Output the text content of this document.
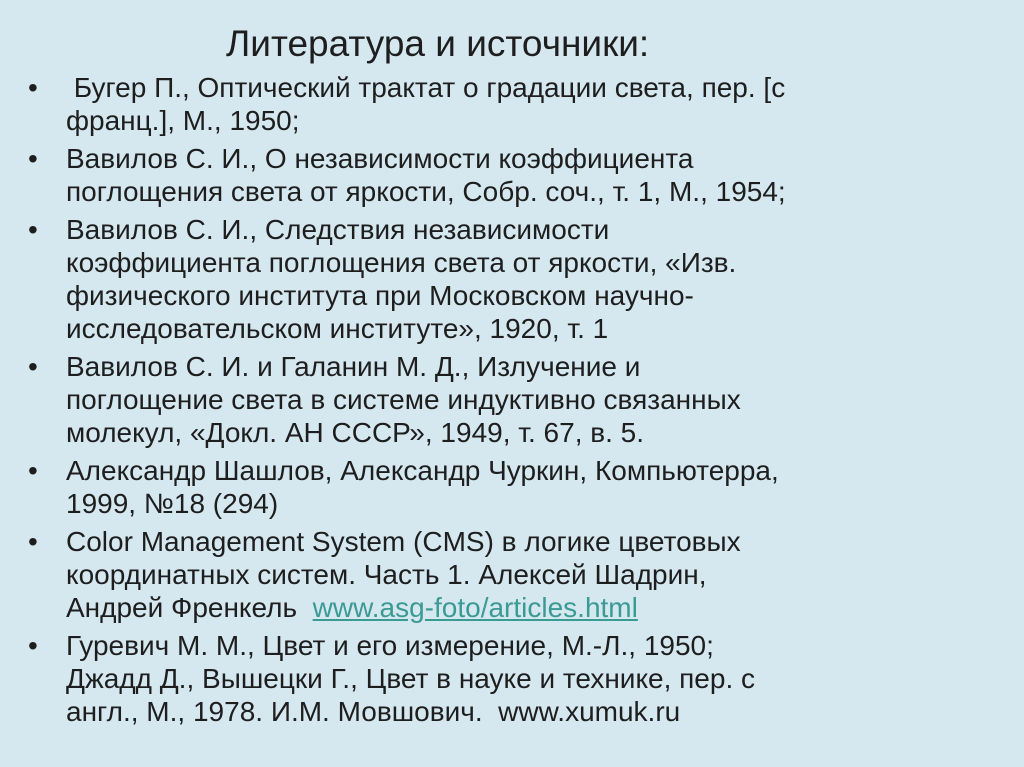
Литература и источники:
•	Бугер П., Оптический трактат о градации света, пер. [с
франц.], М., 1950;
•	Вавилов С. И., О независимости коэффициента
поглощения света от яркости, Собр. соч., т. 1, М., 1954;
•	Вавилов С. И., Следствия независимости
коэффициента поглощения света от яркости, «Изв.
физического института при Московском научно-
исследовательском институте», 1920, т. 1
•	Вавилов С. И. и Галанин М. Д., Излучение и
поглощение света в системе индуктивно связанных
молекул, «Докл. АН СССР», 1949, т. 67, в. 5.
•	Александр Шашлов, Александр Чуркин, Компьютерра,
1999, №18 (294)
•	Color Management System (CMS) в логике цветовых
координатных систем. Часть 1. Алексей Шадрин,
Андрей Френкель  www.asg-foto/articles.html
•	Гуревич М. М., Цвет и его измерение, М.-Л., 1950;
Джадд Д., Вышецки Г., Цвет в науке и технике, пер. с
англ., М., 1978. И.М. Мовшович.  www.xumuk.ru
